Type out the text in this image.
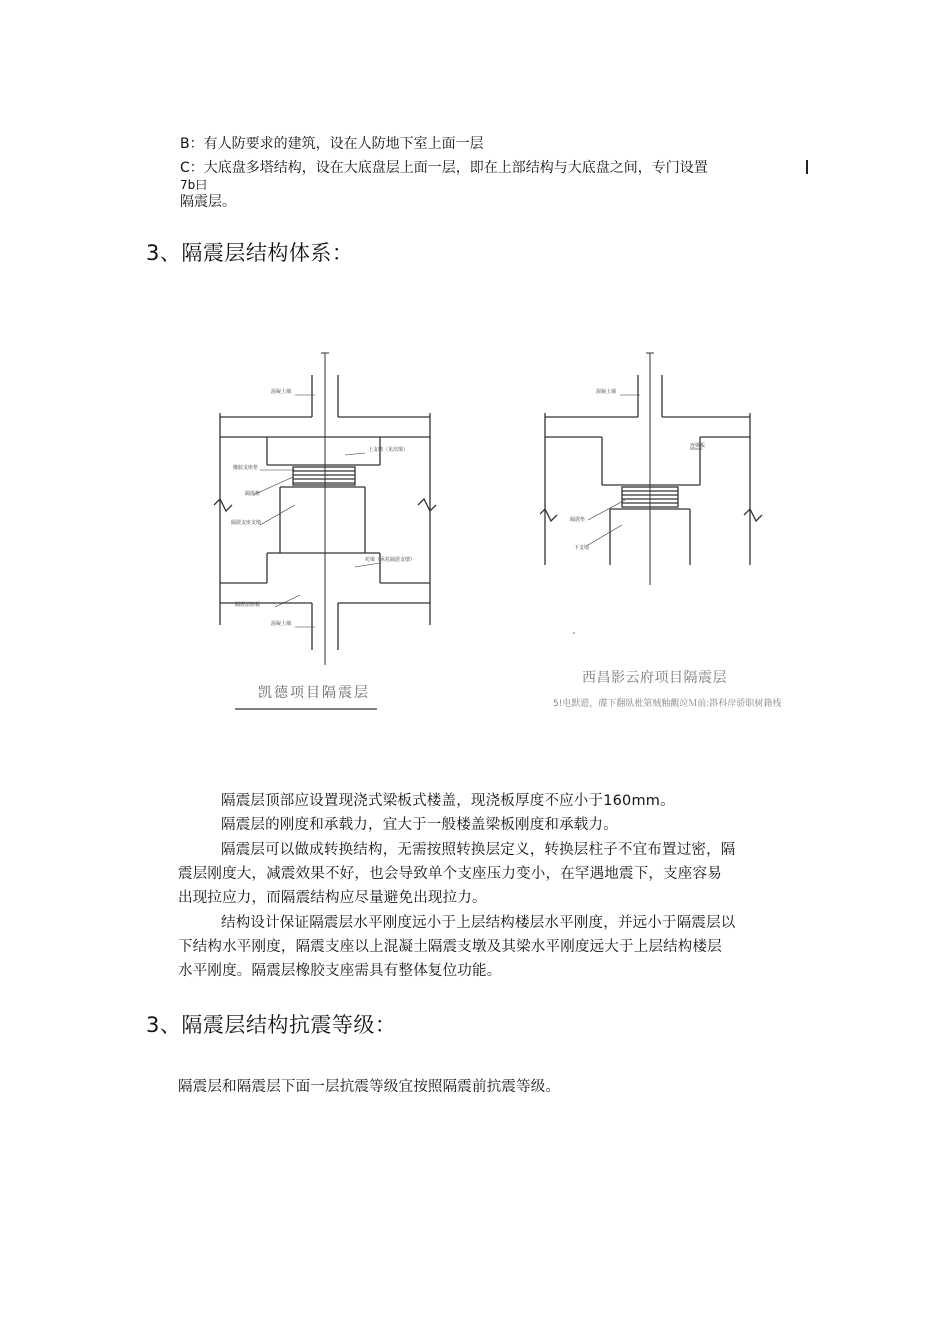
B：有人防要求的建筑，设在人防地下室上面一层
C：大底盘多塔结构，设在大底盘层上面一层，即在上部结构与大底盘之间，专门设置
7b曰
隔震层。
3、隔震层结构体系：
混凝土墙
上支墩（见次梁）
橡胶支座垫
隔震垫
隔震支座支墩
托梁（承托隔震支墩）
隔震层底板
混凝土墙
凯德项目隔震层
混凝土墙
连梁板
隔震垫
下支墩
西昌影云府项目隔震层
5!电默遊，碟下翻臥枇第贼釉觀竝Ｍ前:斟科岸骄职树籍栈
隔震层顶部应设置现浇式梁板式楼盖，现浇板厚度不应小于160mm。
隔震层的刚度和承载力，宜大于一般楼盖梁板刚度和承载力。
隔震层可以做成转换结构，无需按照转换层定义，转换层柱子不宜布置过密，隔
震层刚度大，减震效果不好，也会导致单个支座压力变小，在罕遇地震下，支座容易
出现拉应力，而隔震结构应尽量避免出现拉力。
结构设计保证隔震层水平刚度远小于上层结构楼层水平刚度，并远小于隔震层以
下结构水平刚度，隔震支座以上混凝土隔震支墩及其梁水平刚度远大于上层结构楼层
水平刚度。隔震层橡胶支座需具有整体复位功能。
3、隔震层结构抗震等级：
隔震层和隔震层下面一层抗震等级宜按照隔震前抗震等级。
